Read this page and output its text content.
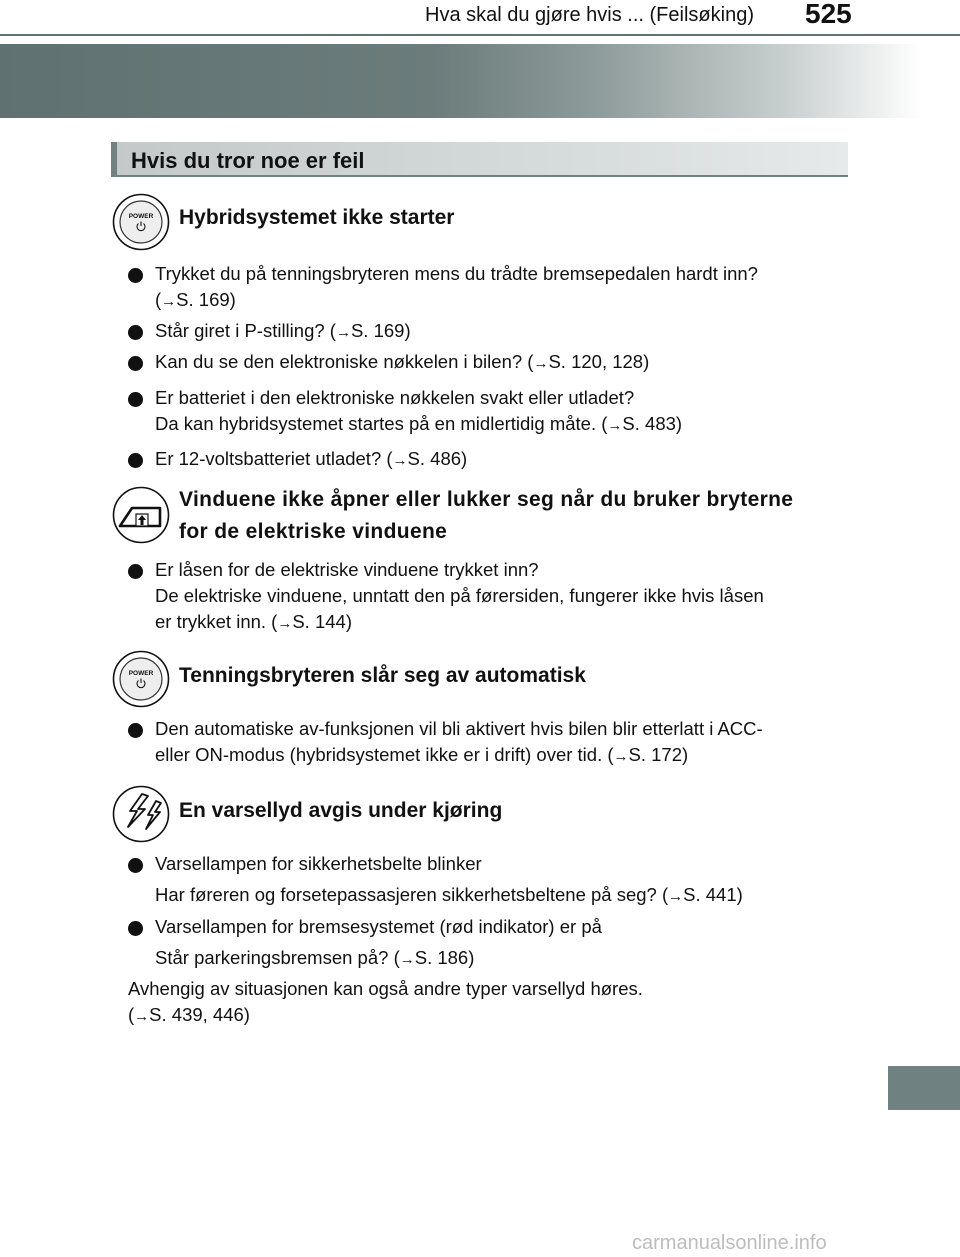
Hva skal du gjøre hvis ... (Feilsøking) 525
Hvis du tror noe er feil
POWER Hybridsystemet ikke starter
Trykket du på tenningsbryteren mens du trådte bremsepedalen hardt inn?
(→S. 169)
Står giret i P-stilling? (→S. 169)
Kan du se den elektroniske nøkkelen i bilen? (→S. 120, 128)
Er batteriet i den elektroniske nøkkelen svakt eller utladet?
Da kan hybridsystemet startes på en midlertidig måte. (→S. 483)
Er 12-voltsbatteriet utladet? (→S. 486)
Vinduene ikke åpner eller lukker seg når du bruker bryterne
for de elektriske vinduene
Er låsen for de elektriske vinduene trykket inn?
De elektriske vinduene, unntatt den på førersiden, fungerer ikke hvis låsen
er trykket inn. (→S. 144)
POWER Tenningsbryteren slår seg av automatisk
Den automatiske av-funksjonen vil bli aktivert hvis bilen blir etterlatt i ACC-
eller ON-modus (hybridsystemet ikke er i drift) over tid. (→S. 172)
En varsellyd avgis under kjøring
Varsellampen for sikkerhetsbelte blinker
Har føreren og forsetepassasjeren sikkerhetsbeltene på seg? (→S. 441)
Varsellampen for bremsesystemet (rød indikator) er på
Står parkeringsbremsen på? (→S. 186)
Avhengig av situasjonen kan også andre typer varsellyd høres.
(→S. 439, 446)
carmanualsonline.info
